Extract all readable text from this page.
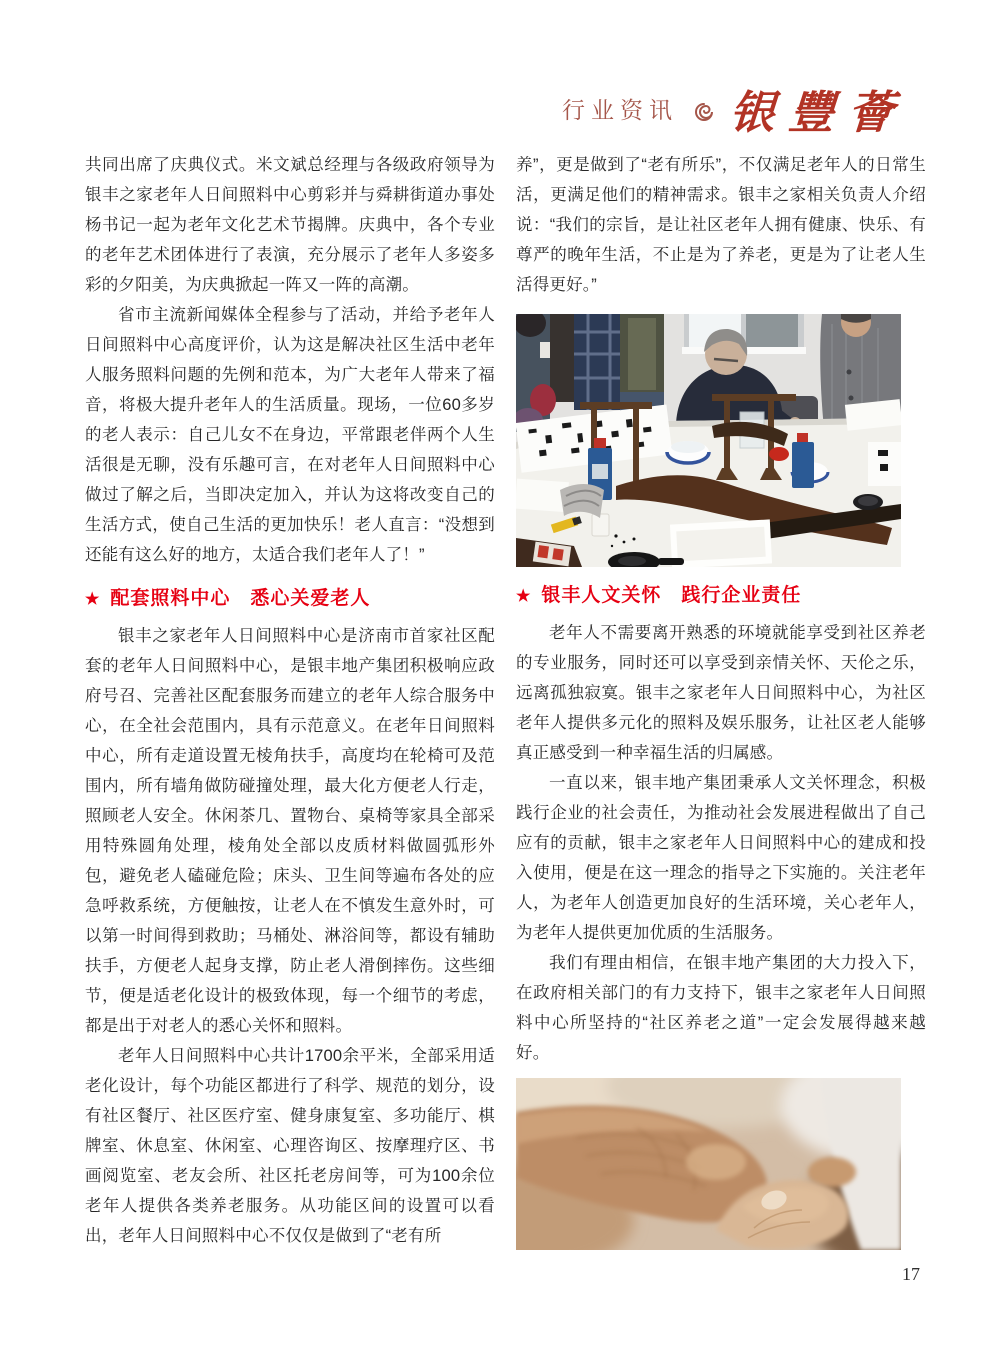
行业资讯 银豐薈

共同出席了庆典仪式。米文斌总经理与各级政府领导为银丰之家老年人日间照料中心剪彩并与舜耕街道办事处杨书记一起为老年文化艺术节揭牌。庆典中，各个专业的老年艺术团体进行了表演，充分展示了老年人多姿多彩的夕阳美，为庆典掀起一阵又一阵的高潮。

省市主流新闻媒体全程参与了活动，并给予老年人日间照料中心高度评价，认为这是解决社区生活中老年人服务照料问题的先例和范本，为广大老年人带来了福音，将极大提升老年人的生活质量。现场，一位60多岁的老人表示：自己儿女不在身边，平常跟老伴两个人生活很是无聊，没有乐趣可言，在对老年人日间照料中心做过了解之后，当即决定加入，并认为这将改变自己的生活方式，使自己生活的更加快乐！老人直言：“没想到还能有这么好的地方，太适合我们老年人了！”

★ 配套照料中心　悉心关爱老人

银丰之家老年人日间照料中心是济南市首家社区配套的老年人日间照料中心，是银丰地产集团积极响应政府号召、完善社区配套服务而建立的老年人综合服务中心，在全社会范围内，具有示范意义。在老年日间照料中心，所有走道设置无棱角扶手，高度均在轮椅可及范围内，所有墙角做防碰撞处理，最大化方便老人行走，照顾老人安全。休闲茶几、置物台、桌椅等家具全部采用特殊圆角处理，棱角处全部以皮质材料做圆弧形外包，避免老人磕碰危险；床头、卫生间等遍布各处的应急呼救系统，方便触按，让老人在不慎发生意外时，可以第一时间得到救助；马桶处、淋浴间等，都设有辅助扶手，方便老人起身支撑，防止老人滑倒摔伤。这些细节，便是适老化设计的极致体现，每一个细节的考虑，都是出于对老人的悉心关怀和照料。

老年人日间照料中心共计1700余平米，全部采用适老化设计，每个功能区都进行了科学、规范的划分，设有社区餐厅、社区医疗室、健身康复室、多功能厅、棋牌室、休息室、休闲室、心理咨询区、按摩理疗区、书画阅览室、老友会所、社区托老房间等，可为100余位老年人提供各类养老服务。从功能区间的设置可以看出，老年人日间照料中心不仅仅是做到了“老有所

养”，更是做到了“老有所乐”，不仅满足老年人的日常生活，更满足他们的精神需求。银丰之家相关负责人介绍说：“我们的宗旨，是让社区老年人拥有健康、快乐、有尊严的晚年生活，不止是为了养老，更是为了让老人生活得更好。”

★ 银丰人文关怀　践行企业责任

老年人不需要离开熟悉的环境就能享受到社区养老的专业服务，同时还可以享受到亲情关怀、天伦之乐，远离孤独寂寞。银丰之家老年人日间照料中心，为社区老年人提供多元化的照料及娱乐服务，让社区老人能够真正感受到一种幸福生活的归属感。

一直以来，银丰地产集团秉承人文关怀理念，积极践行企业的社会责任，为推动社会发展进程做出了自己应有的贡献，银丰之家老年人日间照料中心的建成和投入使用，便是在这一理念的指导之下实施的。关注老年人，为老年人创造更加良好的生活环境，关心老年人，为老年人提供更加优质的生活服务。

我们有理由相信，在银丰地产集团的大力投入下，在政府相关部门的有力支持下，银丰之家老年人日间照料中心所坚持的“社区养老之道”一定会发展得越来越好。

17
